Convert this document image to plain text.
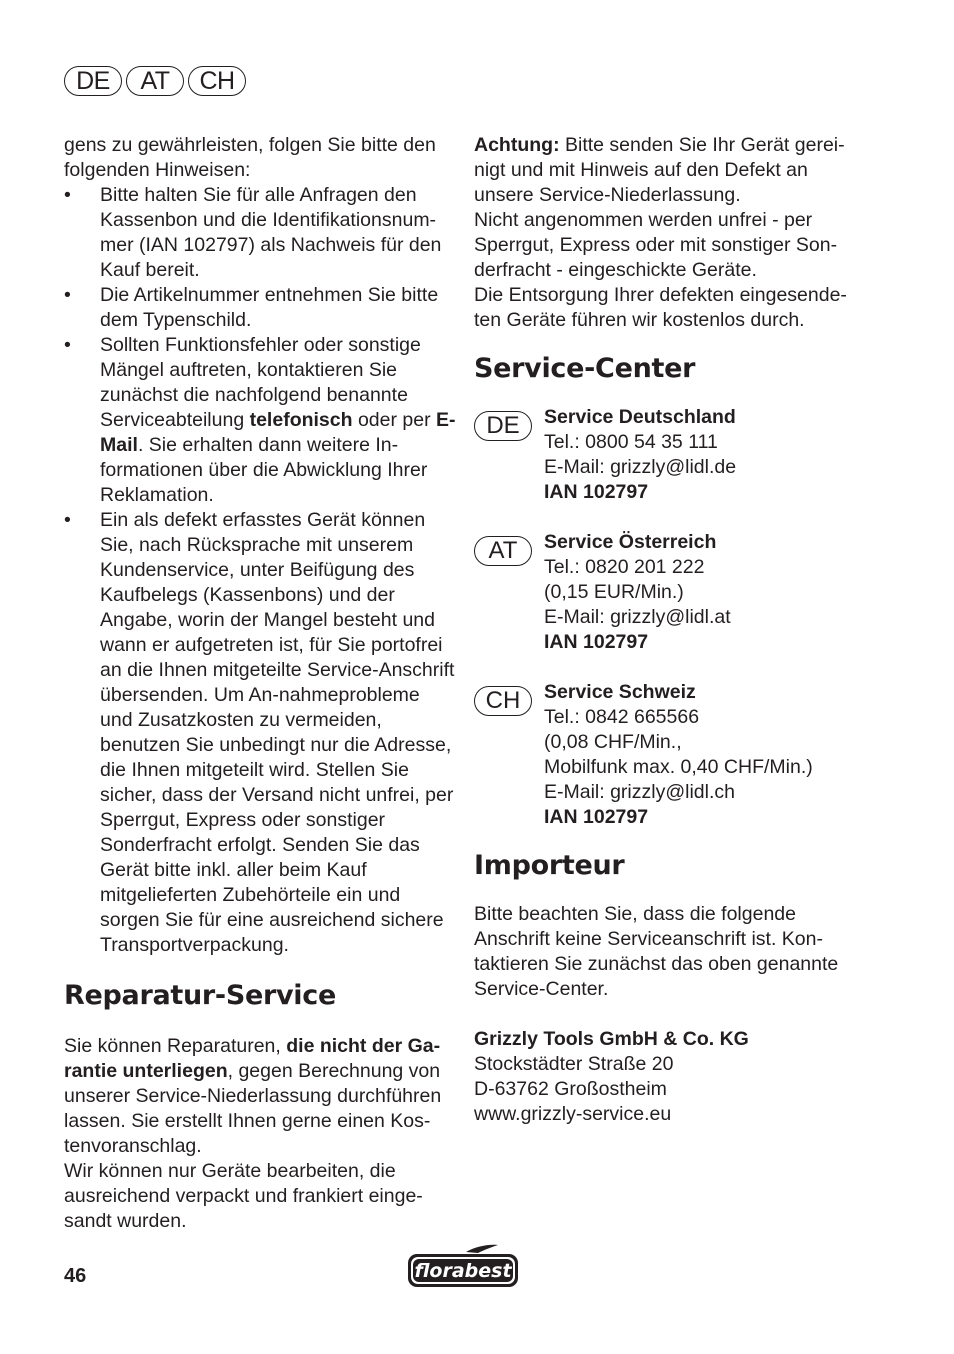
DE	AT	CH

gens zu gewährleisten, folgen Sie bitte den folgenden Hinweisen:

• Bitte halten Sie für alle Anfragen den Kassenbon und die Identifikationsnum-mer (IAN 102797) als Nachweis für den Kauf bereit.
• Die Artikelnummer entnehmen Sie bitte dem Typenschild.
• Sollten Funktionsfehler oder sonstige Mängel auftreten, kontaktieren Sie zunächst die nachfolgend benannte Serviceabteilung telefonisch oder per E-Mail. Sie erhalten dann weitere In-formationen über die Abwicklung Ihrer Reklamation.
• Ein als defekt erfasstes Gerät können Sie, nach Rücksprache mit unserem Kundenservice, unter Beifügung des Kaufbelegs (Kassenbons) und der Angabe, worin der Mangel besteht und wann er aufgetreten ist, für Sie portofrei an die Ihnen mitgeteilte Service-Anschrift übersenden. Um An-nahmeprobleme und Zusatzkosten zu vermeiden, benutzen Sie unbedingt nur die Adresse, die Ihnen mitgeteilt wird. Stellen Sie sicher, dass der Versand nicht unfrei, per Sperrgut, Express oder sonstiger Sonderfracht erfolgt. Senden Sie das Gerät bitte inkl. aller beim Kauf mitgelieferten Zubehörteile ein und sorgen Sie für eine ausreichend sichere Transportverpackung.
Reparatur-Service

Sie können Reparaturen, die nicht der Ga-rantie unterliegen, gegen Berechnung von unserer Service-Niederlassung durchführen lassen. Sie erstellt Ihnen gerne einen Kos-tenvoranschlag.

Wir können nur Geräte bearbeiten, die ausreichend verpackt und frankiert einge-sandt wurden.

Achtung: Bitte senden Sie Ihr Gerät gerei-nigt und mit Hinweis auf den Defekt an unsere Service-Niederlassung.

Nicht angenommen werden unfrei - per Sperrgut, Express oder mit sonstiger Son-derfracht - eingeschickte Geräte.

Die Entsorgung Ihrer defekten eingesende-ten Geräte führen wir kostenlos durch.

Service-Center
DE	Service Deutschland

Tel.: 0800 54 35 111

E-Mail: grizzly@lidl.de

IAN 102797

AT	Service Österreich

Tel.: 0820 201 222

(0,15 EUR/Min.)

E-Mail: grizzly@lidl.at

IAN 102797

CH	Service Schweiz

Tel.: 0842 665566

(0,08 CHF/Min.,

Mobilfunk max. 0,40 CHF/Min.)

E-Mail: grizzly@lidl.ch

IAN 102797

Importeur

Bitte beachten Sie, dass die folgende Anschrift keine Serviceanschrift ist. Kon-taktieren Sie zunächst das oben genannte Service-Center.

Grizzly Tools GmbH & Co. KG

Stockstädter Straße 20

D-63762 Großostheim

www.grizzly-service.eu

46	florabest
